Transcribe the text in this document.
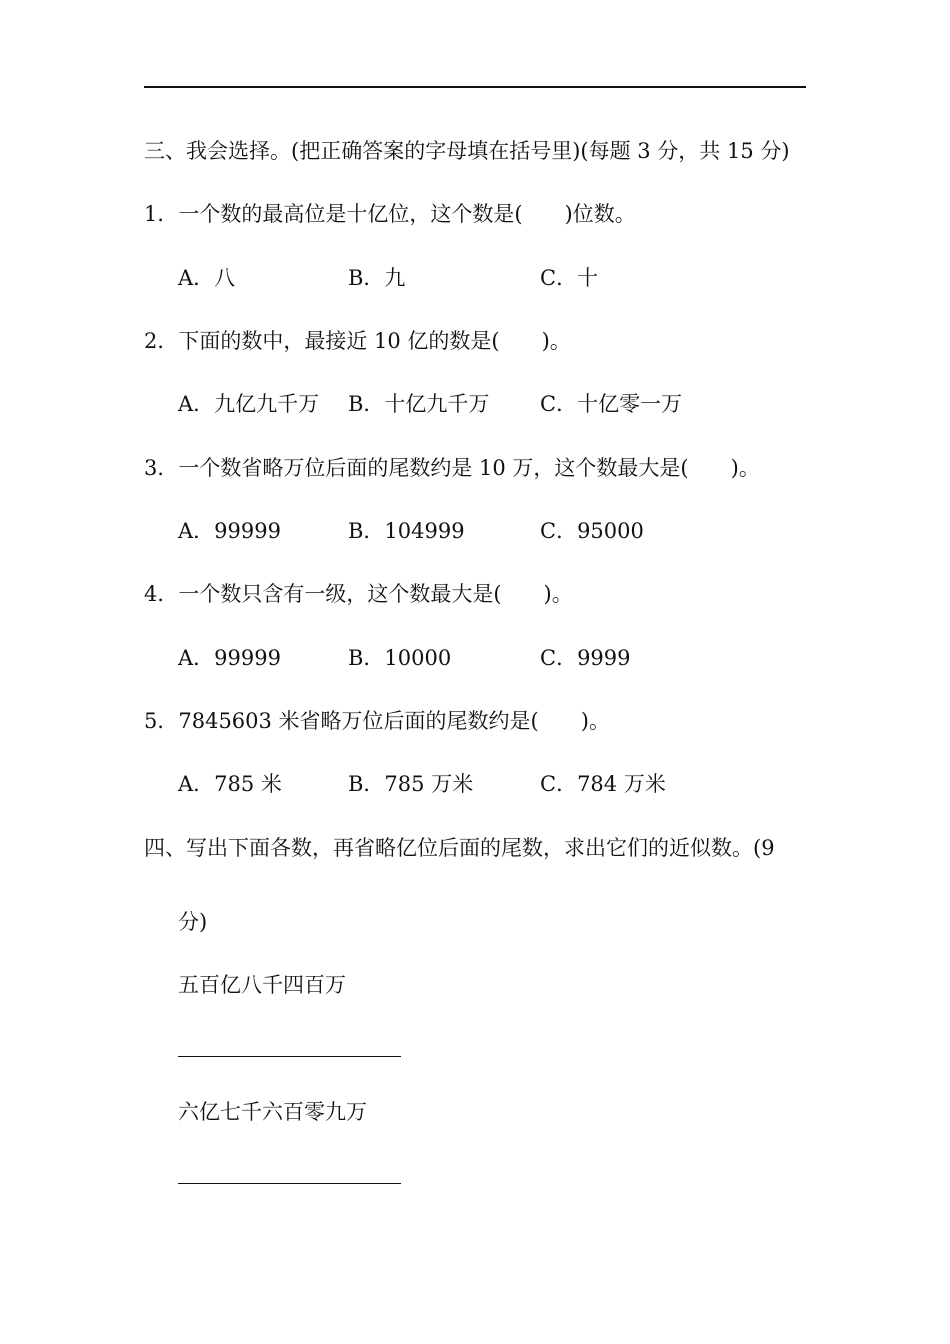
三、我会选择。(把正确答案的字母填在括号里)(每题 3 分，共 15 分)
1．一个数的最高位是十亿位，这个数是(　　)位数。
A．八	B．九	C．十
2．下面的数中，最接近 10 亿的数是(　　)。
A．九亿九千万 B．十亿九千万 C．十亿零一万
3．一个数省略万位后面的尾数约是 10 万，这个数最大是(　　)。
A．99999	B．104999	C．95000
4．一个数只含有一级，这个数最大是(　　)。
A．99999	B．10000	C．9999
5．7845603 米省略万位后面的尾数约是(　　)。
A．785 米	B．785 万米	C．784 万米
四、写出下面各数，再省略亿位后面的尾数，求出它们的近似数。(9
分)
五百亿八千四百万
六亿七千六百零九万
